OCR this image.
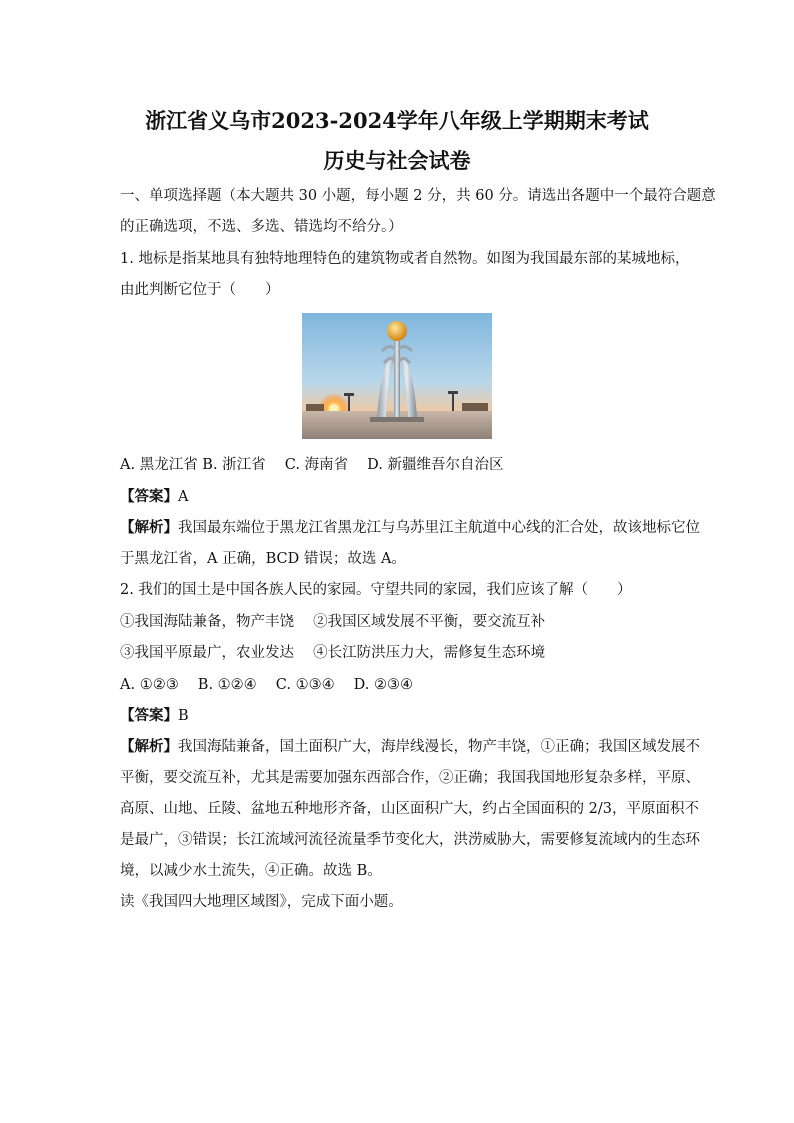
浙江省义乌市2023-2024学年八年级上学期期末考试
历史与社会试卷
一、单项选择题（本大题共 30 小题，每小题 2 分，共 60 分。请选出各题中一个最符合题意
的正确选项，不选、多选、错选均不给分。）
1. 地标是指某地具有独特地理特色的建筑物或者自然物。如图为我国最东部的某城地标，
由此判断它位于（　　）
A. 黑龙江省 B. 浙江省 　C. 海南省 　D. 新疆维吾尔自治区
【答案】A
【解析】我国最东端位于黑龙江省黑龙江与乌苏里江主航道中心线的汇合处，故该地标它位
于黑龙江省，A 正确，BCD 错误；故选 A。
2. 我们的国土是中国各族人民的家园。守望共同的家园，我们应该了解（　　）
①我国海陆兼备，物产丰饶　 ②我国区域发展不平衡，要交流互补
③我国平原最广，农业发达　 ④长江防洪压力大，需修复生态环境
A. ①②③　 B. ①②④　 C. ①③④　 D. ②③④
【答案】B
【解析】我国海陆兼备，国土面积广大，海岸线漫长，物产丰饶，①正确；我国区域发展不
平衡，要交流互补，尤其是需要加强东西部合作，②正确；我国我国地形复杂多样，平原、
高原、山地、丘陵、盆地五种地形齐备，山区面积广大，约占全国面积的 2/3，平原面积不
是最广，③错误；长江流域河流径流量季节变化大，洪涝威胁大，需要修复流域内的生态环
境，以减少水土流失，④正确。故选 B。
读《我国四大地理区域图》，完成下面小题。
